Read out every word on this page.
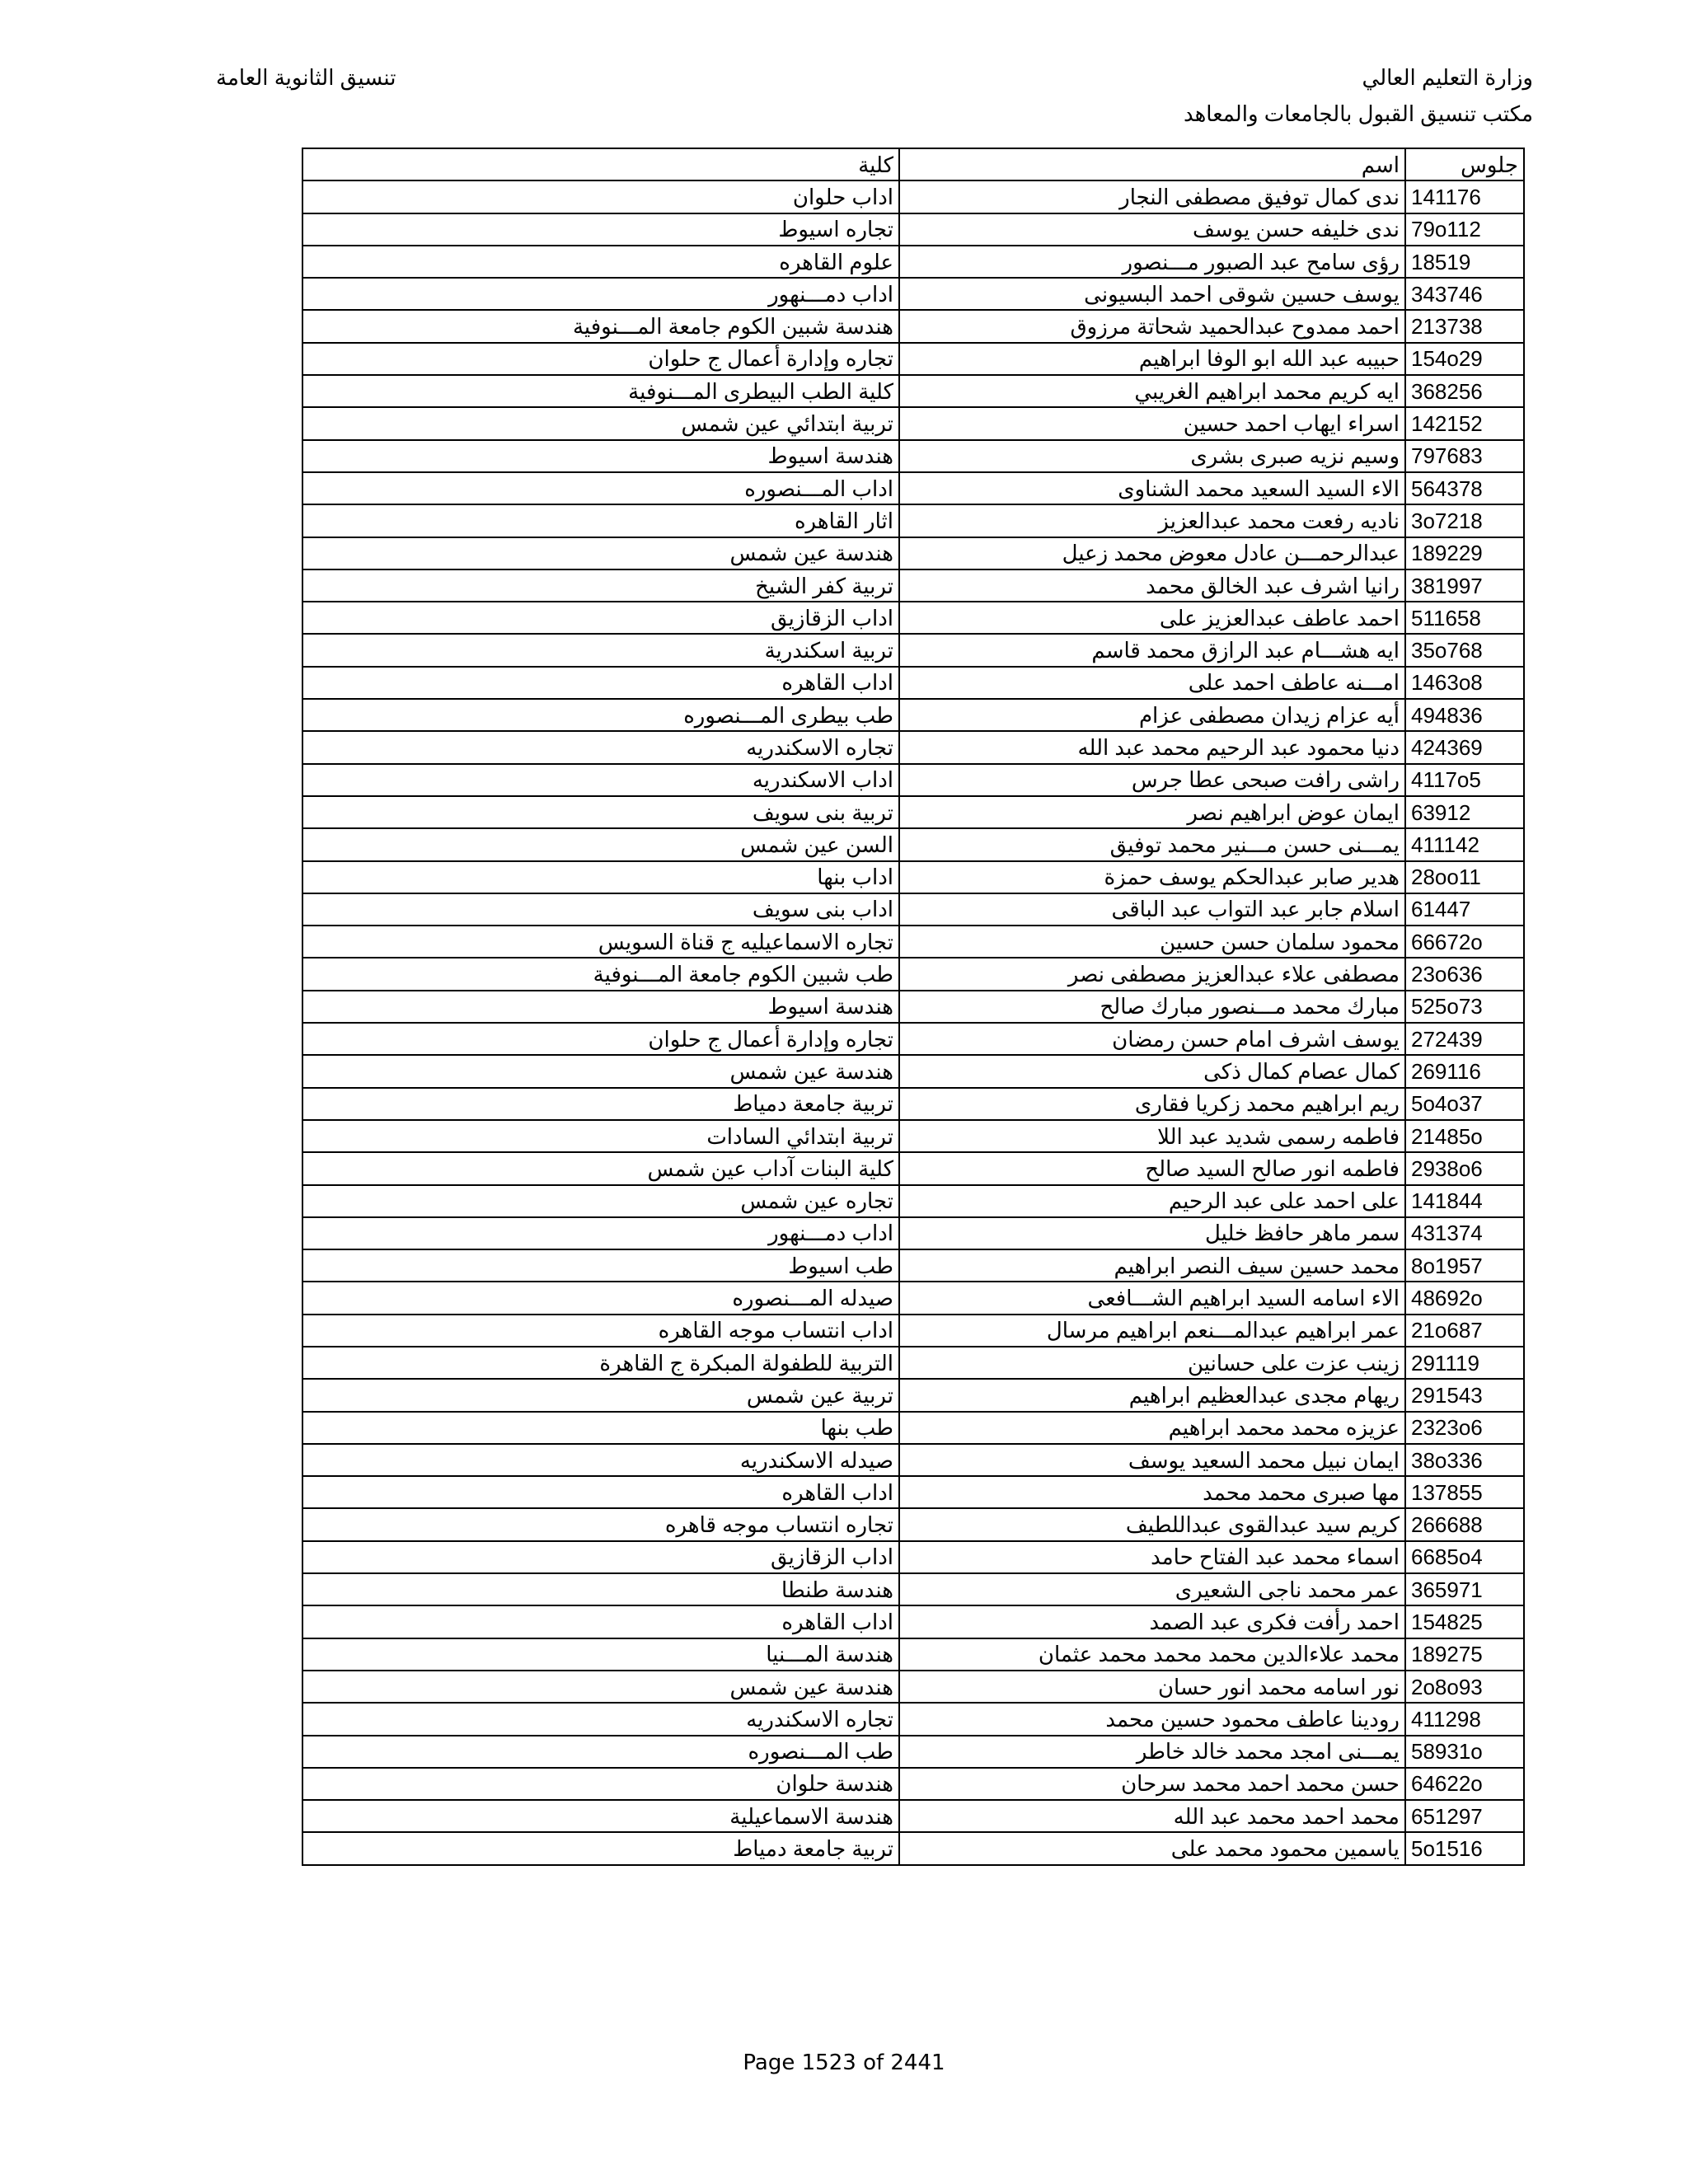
وزارة التعليم العالي
مكتب تنسيق القبول بالجامعات والمعاهد
تنسيق الثانوية العامة
جلوس	اسم	كلية
141176	ندى كمال توفيق مصطفى النجار	اداب حلوان
79o112	ندى خليفه حسن يوسف	تجاره اسيوط
18519	رؤى سامح عبد الصبور مـــنصور	علوم القاهره
343746	يوسف حسين شوقى احمد البسيونى	اداب دمـــنهور
213738	احمد ممدوح عبدالحميد شحاتة مرزوق	هندسة شبين الكوم جامعة المـــنوفية
154o29	حبيبه عبد الله ابو الوفا ابراهيم	تجاره وإدارة أعمال ج حلوان
368256	ايه كريم محمد ابراهيم الغريبي	كلية الطب البيطرى المـــنوفية
142152	اسراء ايهاب احمد حسين	تربية ابتدائي عين شمس
797683	وسيم نزيه صبرى بشرى	هندسة اسيوط
564378	الاء السيد السعيد محمد الشناوى	اداب المـــنصوره
3o7218	ناديه رفعت محمد عبدالعزيز	اثار القاهره
189229	عبدالرحمـــن عادل معوض محمد زعيل	هندسة عين شمس
381997	رانيا اشرف عبد الخالق محمد	تربية كفر الشيخ
511658	احمد عاطف عبدالعزيز على	اداب الزقازيق
35o768	ايه هشـــام عبد الرازق محمد قاسم	تربية اسكندرية
1463o8	امـــنه عاطف احمد على	اداب القاهره
494836	أيه عزام زيدان مصطفى عزام	طب بيطرى المـــنصوره
424369	دنيا محمود عبد الرحيم محمد عبد الله	تجاره الاسكندريه
4117o5	راشى رافت صبحى عطا جرس	اداب الاسكندريه
63912	ايمان عوض ابراهيم نصر	تربية بنى سويف
411142	يمـــنى حسن مـــنير محمد توفيق	السن عين شمس
28oo11	هدير صابر عبدالحكم يوسف حمزة	اداب بنها
61447	اسلام جابر عبد التواب عبد الباقى	اداب بنى سويف
66672o	محمود سلمان حسن حسين	تجاره الاسماعيليه ج قناة السويس
23o636	مصطفى علاء عبدالعزيز مصطفى نصر	طب شبين الكوم جامعة المـــنوفية
525o73	مبارك محمد مـــنصور مبارك صالح	هندسة اسيوط
272439	يوسف اشرف امام حسن رمضان	تجاره وإدارة أعمال ج حلوان
269116	كمال عصام كمال ذكى	هندسة عين شمس
5o4o37	ريم ابراهيم محمد زكريا فقارى	تربية جامعة دمياط
21485o	فاطمه رسمى شديد عبد اللا	تربية ابتدائي السادات
2938o6	فاطمه انور صالح السيد صالح	كلية البنات آداب عين شمس
141844	على احمد على عبد الرحيم	تجاره عين شمس
431374	سمر ماهر حافظ خليل	اداب دمـــنهور
8o1957	محمد حسين سيف النصر ابراهيم	طب اسيوط
48692o	الاء اسامه السيد ابراهيم الشـــافعى	صيدله المـــنصوره
21o687	عمر ابراهيم عبدالمـــنعم ابراهيم مرسال	اداب انتساب موجه القاهره
291119	زينب عزت على حسانين	التربية للطفولة المبكرة ج القاهرة
291543	ريهام مجدى عبدالعظيم ابراهيم	تربية عين شمس
2323o6	عزيزه محمد محمد ابراهيم	طب بنها
38o336	ايمان نبيل محمد السعيد يوسف	صيدله الاسكندريه
137855	مها صبرى محمد محمد	اداب القاهره
266688	كريم سيد عبدالقوى عبداللطيف	تجاره انتساب موجه قاهره
6685o4	اسماء محمد عبد الفتاح حامد	اداب الزقازيق
365971	عمر محمد ناجى الشعيرى	هندسة طنطا
154825	احمد رأفت فكرى عبد الصمد	اداب القاهره
189275	محمد علاءالدين محمد محمد محمد عثمان	هندسة المـــنيا
2o8o93	نور اسامه محمد انور حسان	هندسة عين شمس
411298	رودينا عاطف محمود حسين محمد	تجاره الاسكندريه
58931o	يمـــنى امجد محمد خالد خاطر	طب المـــنصوره
64622o	حسن محمد احمد محمد سرحان	هندسة حلوان
651297	محمد احمد محمد عبد الله	هندسة الاسماعيلية
5o1516	ياسمين محمود محمد على	تربية جامعة دمياط
Page 1523 of 2441
